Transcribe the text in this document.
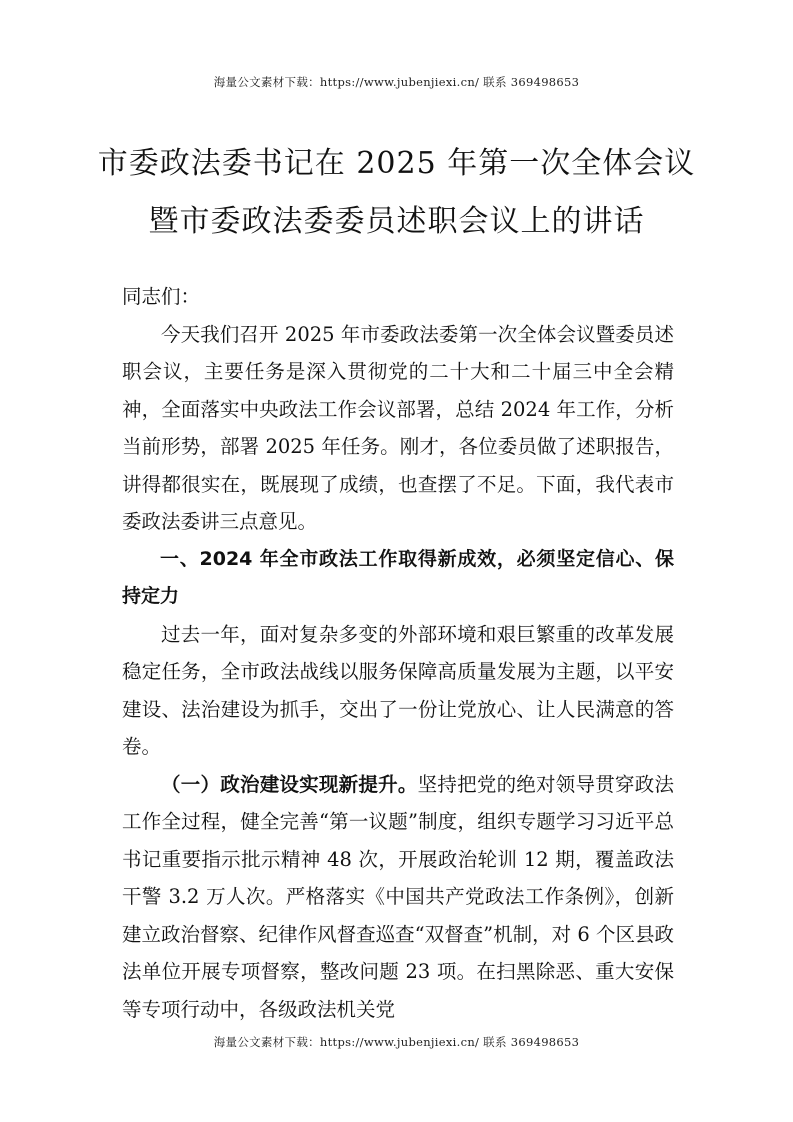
海量公文素材下载：https://www.jubenjiexi.cn/ 联系 369498653
市委政法委书记在 2025 年第一次全体会议
暨市委政法委委员述职会议上的讲话

同志们：

今天我们召开 2025 年市委政法委第一次全体会议暨委员述职会议，主要任务是深入贯彻党的二十大和二十届三中全会精神，全面落实中央政法工作会议部署，总结 2024 年工作，分析当前形势，部署 2025 年任务。刚才，各位委员做了述职报告，讲得都很实在，既展现了成绩，也查摆了不足。下面，我代表市委政法委讲三点意见。

一、2024 年全市政法工作取得新成效，必须坚定信心、保持定力

过去一年，面对复杂多变的外部环境和艰巨繁重的改革发展稳定任务，全市政法战线以服务保障高质量发展为主题，以平安建设、法治建设为抓手，交出了一份让党放心、让人民满意的答卷。

（一）政治建设实现新提升。坚持把党的绝对领导贯穿政法工作全过程，健全完善“第一议题”制度，组织专题学习习近平总书记重要指示批示精神 48 次，开展政治轮训 12 期，覆盖政法干警 3.2 万人次。严格落实《中国共产党政法工作条例》，创新建立政治督察、纪律作风督查巡查“双督查”机制，对 6 个区县政法单位开展专项督察，整改问题 23 项。在扫黑除恶、重大安保等专项行动中，各级政法机关党

海量公文素材下载：https://www.jubenjiexi.cn/ 联系 369498653
